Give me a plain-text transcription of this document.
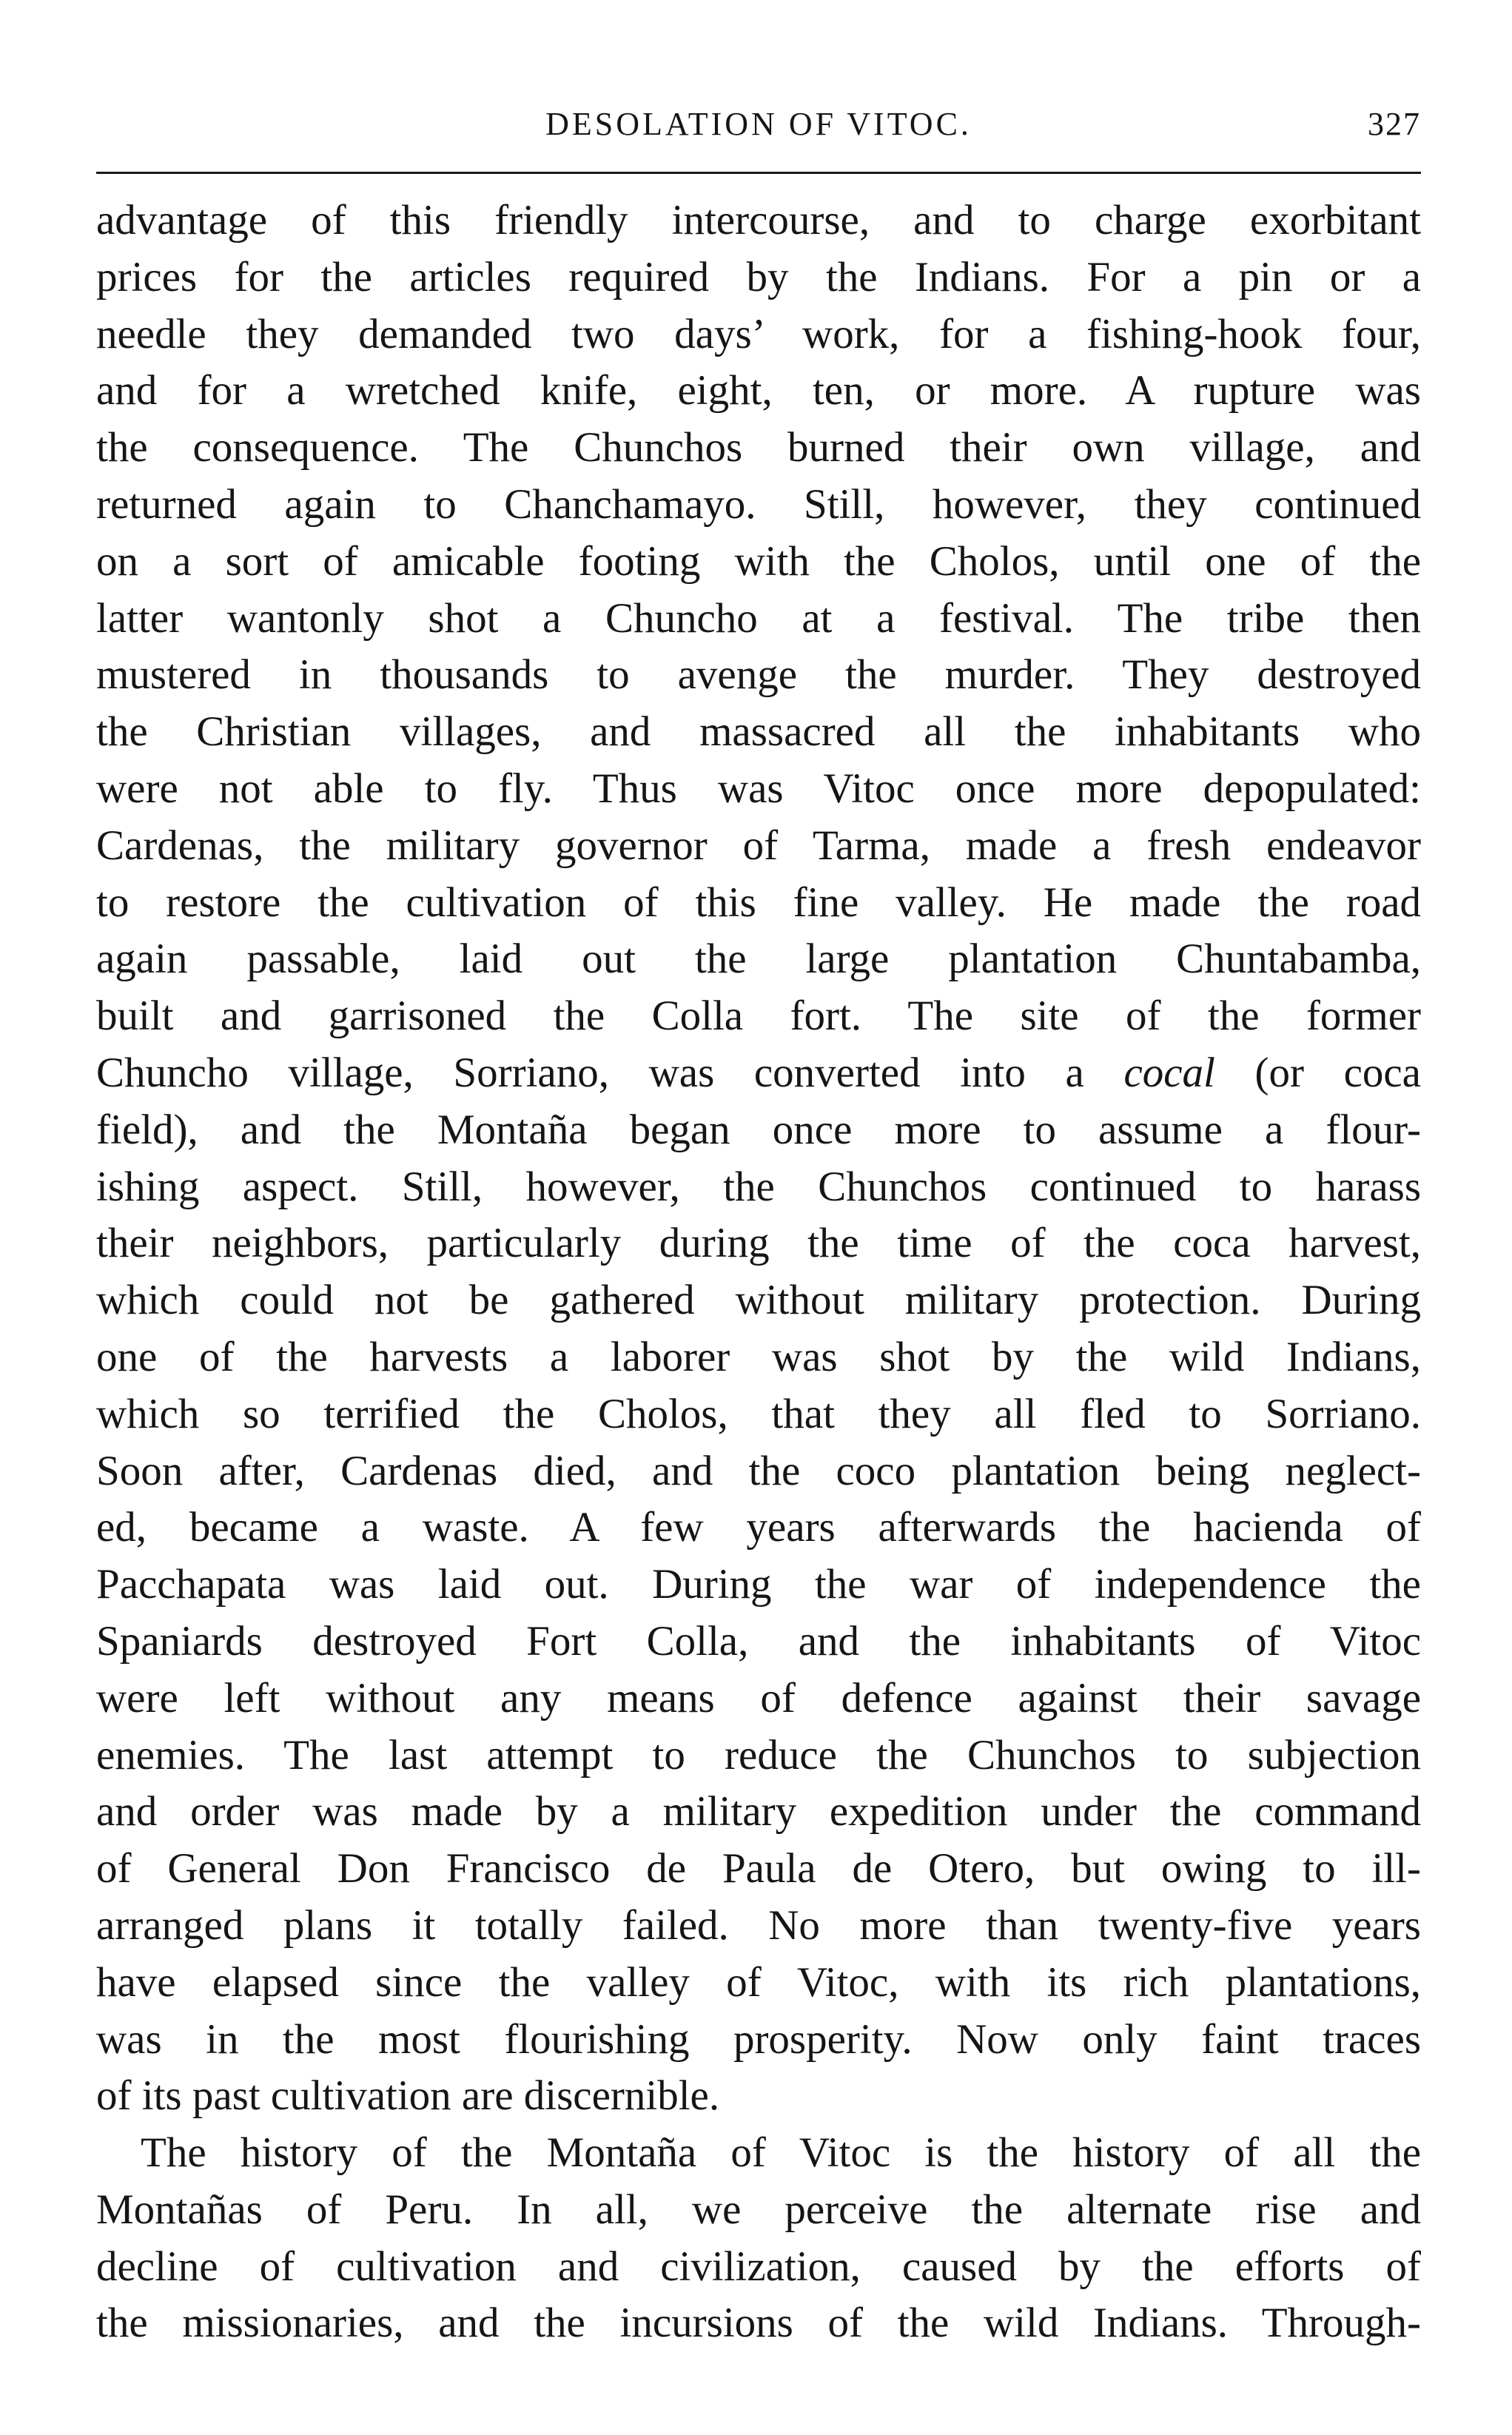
DESOLATION OF VITOC.	327
advantage of this friendly intercourse, and to charge exorbitant
prices for the articles required by the Indians. For a pin or a
needle they demanded two days’ work, for a fishing-hook four,
and for a wretched knife, eight, ten, or more. A rupture was
the consequence. The Chunchos burned their own village, and
returned again to Chanchamayo. Still, however, they continued
on a sort of amicable footing with the Cholos, until one of the
latter wantonly shot a Chuncho at a festival. The tribe then
mustered in thousands to avenge the murder. They destroyed
the Christian villages, and massacred all the inhabitants who
were not able to fly. Thus was Vitoc once more depopulated:
Cardenas, the military governor of Tarma, made a fresh endeavor
to restore the cultivation of this fine valley. He made the road
again passable, laid out the large plantation Chuntabamba,
built and garrisoned the Colla fort. The site of the former
Chuncho village, Sorriano, was converted into a cocal (or coca
field), and the Montaña began once more to assume a flour-
ishing aspect. Still, however, the Chunchos continued to harass
their neighbors, particularly during the time of the coca harvest,
which could not be gathered without military protection. During
one of the harvests a laborer was shot by the wild Indians,
which so terrified the Cholos, that they all fled to Sorriano.
Soon after, Cardenas died, and the coco plantation being neglect-
ed, became a waste. A few years afterwards the hacienda of
Pacchapata was laid out. During the war of independence the
Spaniards destroyed Fort Colla, and the inhabitants of Vitoc
were left without any means of defence against their savage
enemies. The last attempt to reduce the Chunchos to subjection
and order was made by a military expedition under the command
of General Don Francisco de Paula de Otero, but owing to ill-
arranged plans it totally failed. No more than twenty-five years
have elapsed since the valley of Vitoc, with its rich plantations,
was in the most flourishing prosperity. Now only faint traces
of its past cultivation are discernible.
The history of the Montaña of Vitoc is the history of all the
Montañas of Peru. In all, we perceive the alternate rise and
decline of cultivation and civilization, caused by the efforts of
the missionaries, and the incursions of the wild Indians. Through-
